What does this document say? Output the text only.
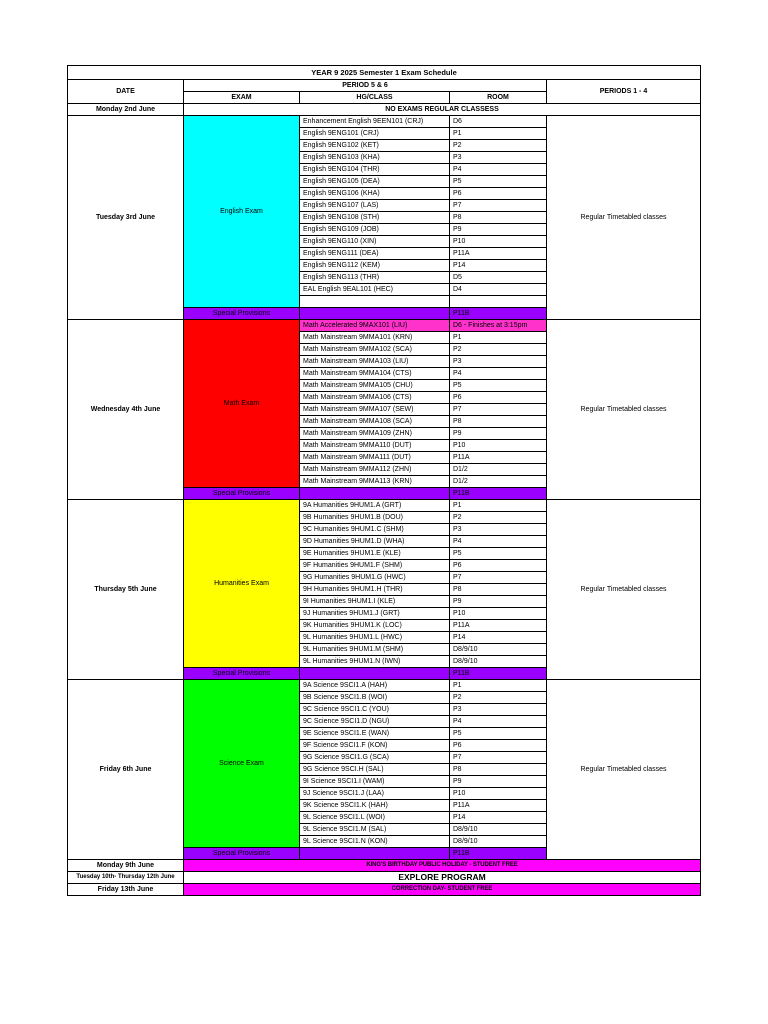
YEAR 9 2025 Semester 1 Exam Schedule				
DATE	PERIOD 5 & 6			PERIODS 1 - 4
	EXAM	HG/CLASS	ROOM	
Monday 2nd June	NO EXAMS REGULAR CLASSESS			
Tuesday 3rd June	English Exam	Enhancement English 9EEN101 (CRJ)	D6	Regular Timetabled classes
		English 9ENG101 (CRJ)	P1	
		English 9ENG102 (KET)	P2	
		English 9ENG103 (KHA)	P3	
		English 9ENG104 (THR)	P4	
		English 9ENG105 (DEA)	P5	
		English 9ENG106 (KHA)	P6	
		English 9ENG107 (LAS)	P7	
		English 9ENG108 (STH)	P8	
		English 9ENG109 (JOB)	P9	
		English 9ENG110 (XIN)	P10	
		English 9ENG111 (DEA)	P11A	
		English 9ENG112 (KEM)	P14	
		English 9ENG113 (THR)	D5	
		EAL English 9EAL101 (HEC)	D4	

	Special Provisions		P11B	
Wednesday 4th June	Math Exam	Math Accelerated 9MAX101 (LIU)	D6 - Finishes at 3:15pm	Regular Timetabled classes
		Math Mainstream 9MMA101 (KRN)	P1	
		Math Mainstream 9MMA102 (SCA)	P2	
		Math Mainstream 9MMA103 (LIU)	P3	
		Math Mainstream 9MMA104 (CTS)	P4	
		Math Mainstream 9MMA105 (CHU)	P5	
		Math Mainstream 9MMA106 (CTS)	P6	
		Math Mainstream 9MMA107 (SEW)	P7	
		Math Mainstream 9MMA108 (SCA)	P8	
		Math Mainstream 9MMA109 (ZHN)	P9	
		Math Mainstream 9MMA110 (DUT)	P10	
		Math Mainstream 9MMA111 (DUT)	P11A	
		Math Mainstream 9MMA112 (ZHN)	D1/2	
		Math Mainstream 9MMA113 (KRN)	D1/2	
	Special Provisions		P11B	
Thursday 5th June	Humanities Exam	9A Humanities 9HUM1.A (GRT)	P1	Regular Timetabled classes
		9B Humanities 9HUM1.B (DOU)	P2	
		9C Humanities 9HUM1.C (SHM)	P3	
		9D Humanities 9HUM1.D (WHA)	P4	
		9E Humanities 9HUM1.E (KLE)	P5	
		9F Humanities 9HUM1.F (SHM)	P6	
		9G Humanities 9HUM1.G (HWC)	P7	
		9H Humanities 9HUM1.H (THR)	P8	
		9I Humanities 9HUM1.I (KLE)	P9	
		9J Humanities 9HUM1.J (GRT)	P10	
		9K Humanities 9HUM1.K (LOC)	P11A	
		9L Humanities 9HUM1.L (HWC)	P14	
		9L Humanities 9HUM1.M (SHM)	D8/9/10	
		9L Humanities 9HUM1.N (IWN)	D8/9/10	
	Special Provisions		P11B	
Friday 6th June	Science Exam	9A Science 9SCI1.A (HAH)	P1	Regular Timetabled classes
		9B Science 9SCI1.B (WOI)	P2	
		9C Science 9SCI1.C (YOU)	P3	
		9C Science 9SCI1.D (NGU)	P4	
		9E Science 9SCI1.E (WAN)	P5	
		9F Science 9SCI1.F (KON)	P6	
		9G Science 9SCI1.G (SCA)	P7	
		9G Science 9SCI.H (SAL)	P8	
		9I Science 9SCI1.I (WAM)	P9	
		9J Science 9SCI1.J (LAA)	P10	
		9K Science 9SCI1.K (HAH)	P11A	
		9L Science 9SCI1.L (WOI)	P14	
		9L Science 9SCI1.M (SAL)	D8/9/10	
		9L Science 9SCI1.N (KON)	D8/9/10	
	Special Provisions		P11B	
Monday 9th June	KING'S BIRTHDAY PUBLIC HOLIDAY - STUDENT FREE			
Tuesday 10th- Thursday 12th June	EXPLORE PROGRAM			
Friday 13th June	CORRECTION DAY- STUDENT FREE			
